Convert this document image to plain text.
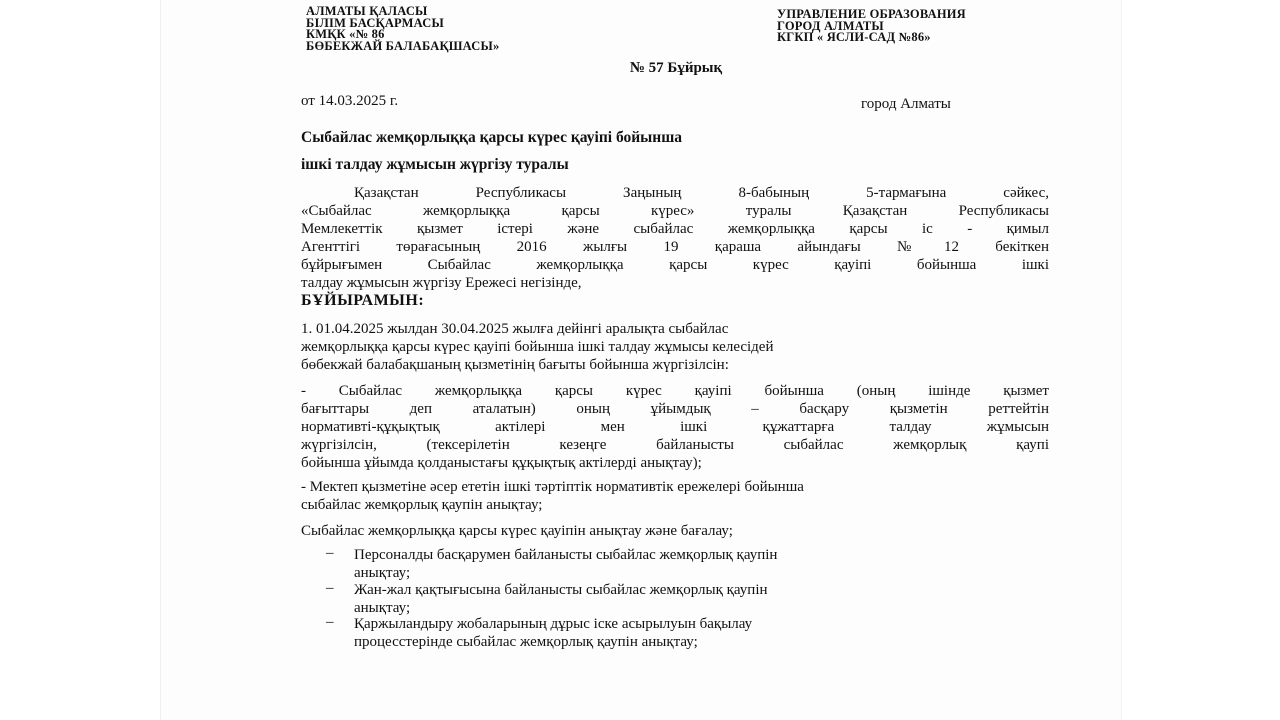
АЛМАТЫ ҚАЛАСЫ
БІЛІМ БАСҚАРМАСЫ
КМҚК «№ 86
БӨБЕКЖАЙ БАЛАБАҚШАСЫ»
УПРАВЛЕНИЕ ОБРАЗОВАНИЯ
ГОРОД АЛМАТЫ
КГКП « ЯСЛИ-САД №86»
№ 57 Бұйрық
от 14.03.2025 г.	город Алматы
Сыбайлас жемқорлыққа қарсы күрес қауіпі бойынша
ішкі талдау жұмысын жүргізу туралы
Қазақстан Республикасы Заңының 8-бабының 5-тармағына сәйкес,
«Сыбайлас жемқорлыққа қарсы күрес» туралы Қазақстан Республикасы
Мемлекеттік қызмет істері және сыбайлас жемқорлыққа қарсы іс - қимыл
Агенттігі төрағасының 2016 жылғы 19 қараша айындағы №12 бекіткен
бұйрығымен Сыбайлас жемқорлыққа қарсы күрес қауіпі бойынша ішкі
талдау жұмысын жүргізу Ережесі негізінде,
БҰЙЫРАМЫН:
1. 01.04.2025 жылдан 30.04.2025 жылға дейінгі аралықта сыбайлас
жемқорлыққа қарсы күрес қауіпі бойынша ішкі талдау жұмысы келесідей
бөбекжай балабақшаның қызметінің бағыты бойынша жүргізілсін:
- Сыбайлас жемқорлыққа қарсы күрес қауіпі бойынша (оның ішінде қызмет
бағыттары деп аталатын) оның ұйымдық – басқару қызметін реттейтін
нормативті-құқықтық актілері мен ішкі құжаттарға талдау жұмысын
жүргізілсін, (тексерілетін кезеңге байланысты сыбайлас жемқорлық қаупі
бойынша ұйымда қолданыстағы құқықтық актілерді анықтау);
- Мектеп қызметіне әсер ететін ішкі тәртіптік нормативтік ережелері бойынша
сыбайлас жемқорлық қаупін анықтау;
Сыбайлас жемқорлыққа қарсы күрес қауіпін анықтау және бағалау;
– Персоналды басқарумен байланысты сыбайлас жемқорлық қаупін
анықтау;
– Жан-жал қақтығысына байланысты сыбайлас жемқорлық қаупін
анықтау;
– Қаржыландыру жобаларының дұрыс іске асырылуын бақылау
процесстерінде сыбайлас жемқорлық қаупін анықтау;
